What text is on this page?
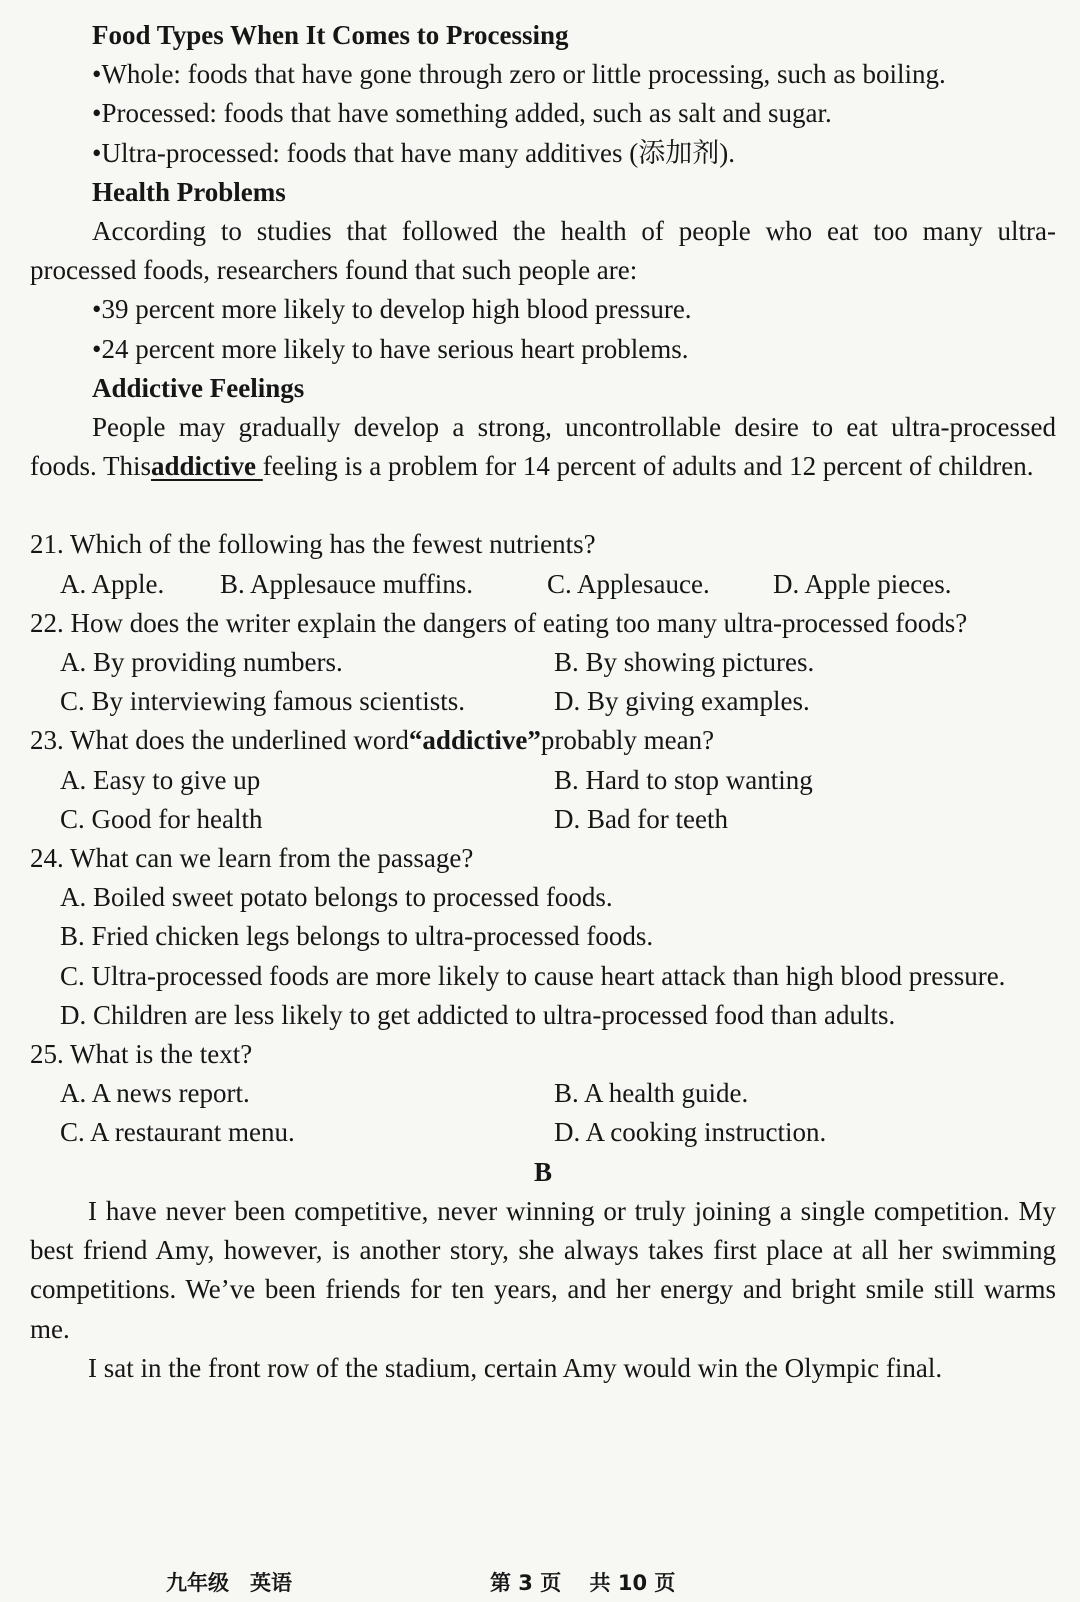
Food Types When It Comes to Processing
•Whole: foods that have gone through zero or little processing, such as boiling.
•Processed: foods that have something added, such as salt and sugar.
•Ultra-processed: foods that have many additives (添加剂).
Health Problems
According to studies that followed the health of people who eat too many ultra-processed foods, researchers found that such people are:
•39 percent more likely to develop high blood pressure.
•24 percent more likely to have serious heart problems.
Addictive Feelings
People may gradually develop a strong, uncontrollable desire to eat ultra-processed foods. Thisaddictive feeling is a problem for 14 percent of adults and 12 percent of children.
21. Which of the following has the fewest nutrients?
A. Apple.	B. Applesauce muffins.	C. Applesauce.	D. Apple pieces.
22. How does the writer explain the dangers of eating too many ultra-processed foods?
A. By providing numbers.	B. By showing pictures.
C. By interviewing famous scientists.	D. By giving examples.
23. What does the underlined word“addictive”probably mean?
A. Easy to give up	B. Hard to stop wanting
C. Good for health	D. Bad for teeth
24. What can we learn from the passage?
A. Boiled sweet potato belongs to processed foods.
B. Fried chicken legs belongs to ultra-processed foods.
C. Ultra-processed foods are more likely to cause heart attack than high blood pressure.
D. Children are less likely to get addicted to ultra-processed food than adults.
25. What is the text?
A. A news report.	B. A health guide.
C. A restaurant menu.	D. A cooking instruction.
B
I have never been competitive, never winning or truly joining a single competition. My best friend Amy, however, is another story, she always takes first place at all her swimming competitions. We’ve been friends for ten years, and her energy and bright smile still warms me.
I sat in the front row of the stadium, certain Amy would win the Olympic final.
九年级　英语	第 3 页　 共 10 页
